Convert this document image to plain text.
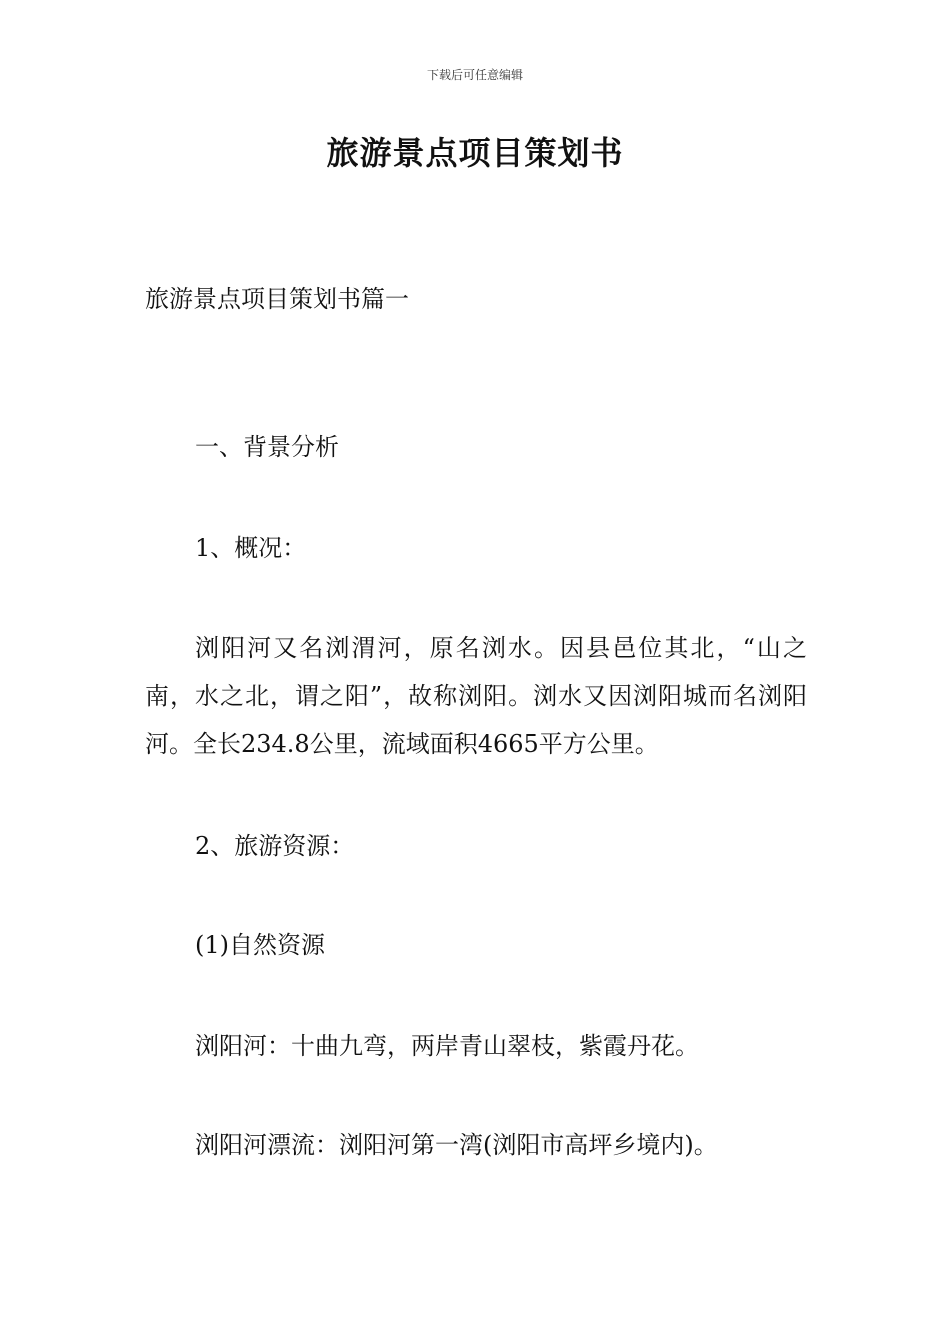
下载后可任意编辑
旅游景点项目策划书
旅游景点项目策划书篇一
一、背景分析
1、概况：
浏阳河又名浏渭河，原名浏水。因县邑位其北，“山之南，水之北，谓之阳”，故称浏阳。浏水又因浏阳城而名浏阳河。全长234.8公里，流域面积4665平方公里。
2、旅游资源：
(1)自然资源
浏阳河：十曲九弯，两岸青山翠枝，紫霞丹花。
浏阳河漂流：浏阳河第一湾(浏阳市高坪乡境内)。
